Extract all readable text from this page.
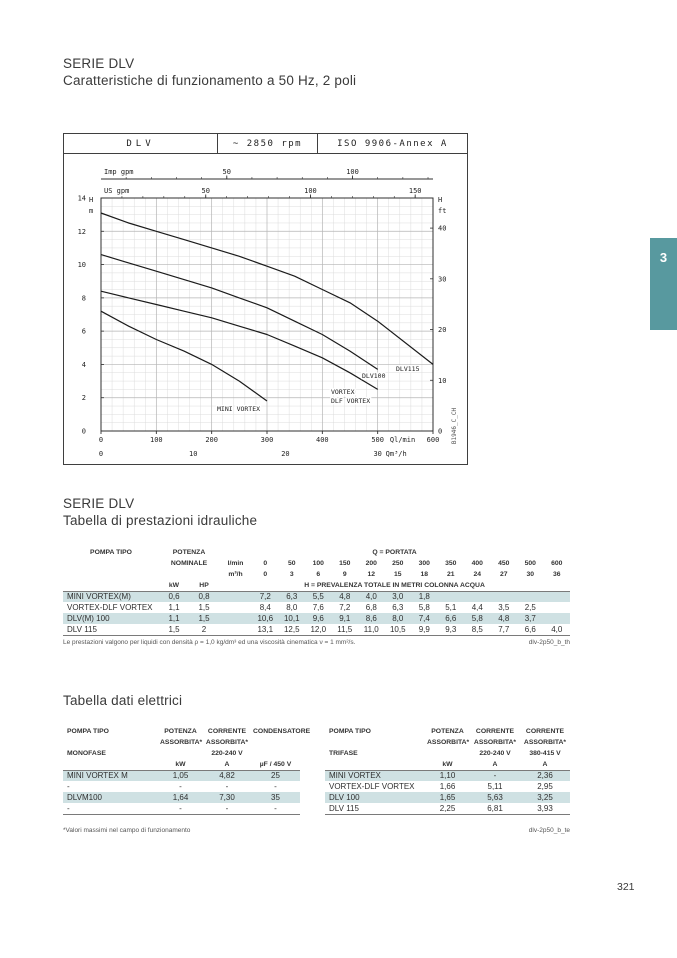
SERIE DLV
Caratteristiche di funzionamento a 50 Hz, 2 poli
DLV	~ 2850 rpm	ISO 9906-Annex A
0
2
4
6
8
10
12
14 H
m
0
10
20
30
40
H
ft
50	100
Imp gpm
50	100	150
US gpm
0	100	200	300	400	500	600
Ql/min
0	10	20	30 Qm³/h
B1946_C_CH
MINI VORTEX
VORTEX
DLF VORTEX
DLV100
DLV115
3
SERIE DLV
Tabella di prestazioni idrauliche
POMPA TIPO	POTENZA		Q = PORTATA												
	NOMINALE		l/min	0	50	100	150	200	250	300	350	400	450	500	600
			m³/h	0	3	6	9	12	15	18	21	24	27	30	36
	kW	HP	H = PREVALENZA TOTALE IN METRI COLONNA ACQUA												
MINI VORTEX(M)	0,6	0,8		7,2	6,3	5,5	4,8	4,0	3,0	1,8					
VORTEX-DLF VORTEX	1,1	1,5		8,4	8,0	7,6	7,2	6,8	6,3	5,8	5,1	4,4	3,5	2,5	
DLV(M) 100	1,1	1,5		10,6	10,1	9,6	9,1	8,6	8,0	7,4	6,6	5,8	4,8	3,7	
DLV 115	1,5	2		13,1	12,5	12,0	11,5	11,0	10,5	9,9	9,3	8,5	7,7	6,6	4,0
Le prestazioni valgono per liquidi con densità ρ = 1,0 kg/dm³ ed una viscosità cinematica ν = 1 mm²/s.	dlv-2p50_b_th
Tabella dati elettrici
POMPA TIPO	POTENZA	CORRENTE	CONDENSATORE
	ASSORBITA*	ASSORBITA*	
MONOFASE		220-240 V	
	kW	A	µF / 450 V
MINI VORTEX M	1,05	4,82	25
-	-	-	-
DLVM100	1,64	7,30	35
-	-	-	-
POMPA TIPO	POTENZA	CORRENTE	CORRENTE
	ASSORBITA*	ASSORBITA*	ASSORBITA*
TRIFASE		220-240 V	380-415 V
	kW	A	A
MINI VORTEX	1,10	-	2,36
VORTEX-DLF VORTEX	1,66	5,11	2,95
DLV 100	1,65	5,63	3,25
DLV 115	2,25	6,81	3,93
*Valori massimi nel campo di funzionamento	dlv-2p50_b_te
321
